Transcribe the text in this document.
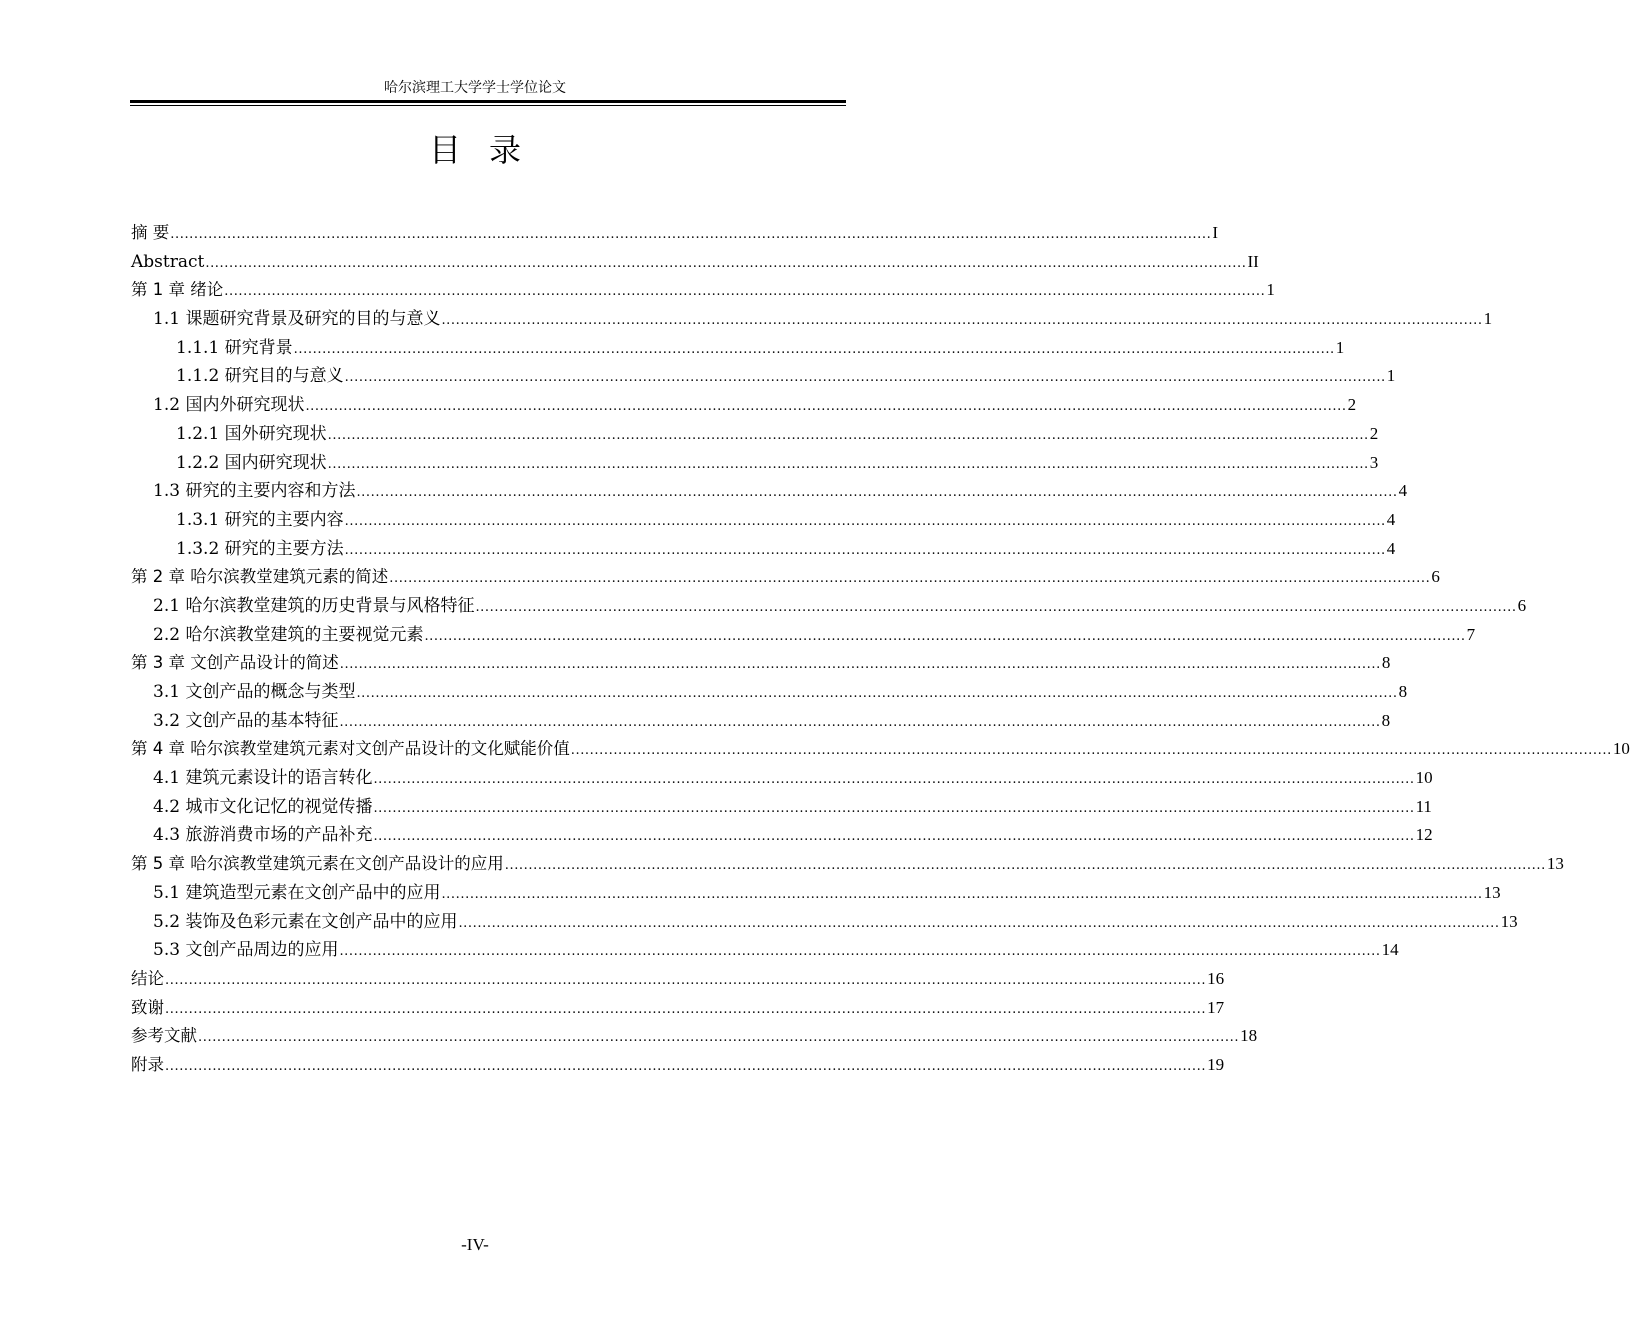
哈尔滨理工大学学士学位论文
目录
摘 要 ............................................................................................................................................................................................................................ I
Abstract ............................................................................................................................................................................................................................ II
第 1 章 绪论 ............................................................................................................................................................................................................................ 1
1.1 课题研究背景及研究的目的与意义 ............................................................................................................................................................................................................................ 1
1.1.1 研究背景 ............................................................................................................................................................................................................................ 1
1.1.2 研究目的与意义 ............................................................................................................................................................................................................................ 1
1.2 国内外研究现状 ............................................................................................................................................................................................................................ 2
1.2.1 国外研究现状 ............................................................................................................................................................................................................................ 2
1.2.2 国内研究现状 ............................................................................................................................................................................................................................ 3
1.3 研究的主要内容和方法 ............................................................................................................................................................................................................................ 4
1.3.1 研究的主要内容 ............................................................................................................................................................................................................................ 4
1.3.2 研究的主要方法 ............................................................................................................................................................................................................................ 4
第 2 章 哈尔滨教堂建筑元素的简述 ............................................................................................................................................................................................................................ 6
2.1 哈尔滨教堂建筑的历史背景与风格特征 ............................................................................................................................................................................................................................ 6
2.2 哈尔滨教堂建筑的主要视觉元素 ............................................................................................................................................................................................................................ 7
第 3 章 文创产品设计的简述 ............................................................................................................................................................................................................................ 8
3.1 文创产品的概念与类型 ............................................................................................................................................................................................................................ 8
3.2 文创产品的基本特征 ............................................................................................................................................................................................................................ 8
第 4 章 哈尔滨教堂建筑元素对文创产品设计的文化赋能价值 ............................................................................................................................................................................................................................ 10
4.1 建筑元素设计的语言转化 ............................................................................................................................................................................................................................ 10
4.2 城市文化记忆的视觉传播 ............................................................................................................................................................................................................................ 11
4.3 旅游消费市场的产品补充 ............................................................................................................................................................................................................................ 12
第 5 章 哈尔滨教堂建筑元素在文创产品设计的应用 ............................................................................................................................................................................................................................ 13
5.1 建筑造型元素在文创产品中的应用 ............................................................................................................................................................................................................................ 13
5.2 装饰及色彩元素在文创产品中的应用 ............................................................................................................................................................................................................................ 13
5.3 文创产品周边的应用 ............................................................................................................................................................................................................................ 14
结论 ............................................................................................................................................................................................................................ 16
致谢 ............................................................................................................................................................................................................................ 17
参考文献 ............................................................................................................................................................................................................................ 18
附录 ............................................................................................................................................................................................................................ 19
-IV-
